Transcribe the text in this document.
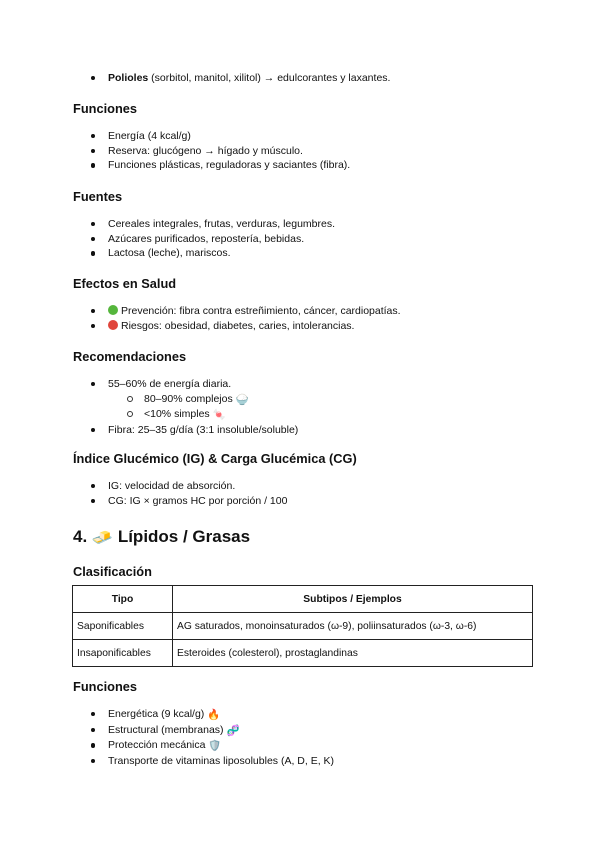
Polioles (sorbitol, manitol, xilitol) → edulcorantes y laxantes.
Funciones
Energía (4 kcal/g)
Reserva: glucógeno → hígado y músculo.
Funciones plásticas, reguladoras y saciantes (fibra).
Fuentes
Cereales integrales, frutas, verduras, legumbres.
Azúcares purificados, repostería, bebidas.
Lactosa (leche), mariscos.
Efectos en Salud
Prevención: fibra contra estreñimiento, cáncer, cardiopatías.
Riesgos: obesidad, diabetes, caries, intolerancias.
Recomendaciones
55–60% de energía diaria.
80–90% complejos 🍚
<10% simples 🍬
Fibra: 25–35 g/día (3:1 insoluble/soluble)
Índice Glucémico (IG) & Carga Glucémica (CG)
IG: velocidad de absorción.
CG: IG × gramos HC por porción / 100
4. 🧈 Lípidos / Grasas
Clasificación
Tipo	Subtipos / Ejemplos
Saponificables	AG saturados, monoinsaturados (ω-9), poliinsaturados (ω-3, ω-6)
Insaponificables	Esteroides (colesterol), prostaglandinas
Funciones
Energética (9 kcal/g) 🔥
Estructural (membranas) 🧬
Protección mecánica 🛡️
Transporte de vitaminas liposolubles (A, D, E, K)
